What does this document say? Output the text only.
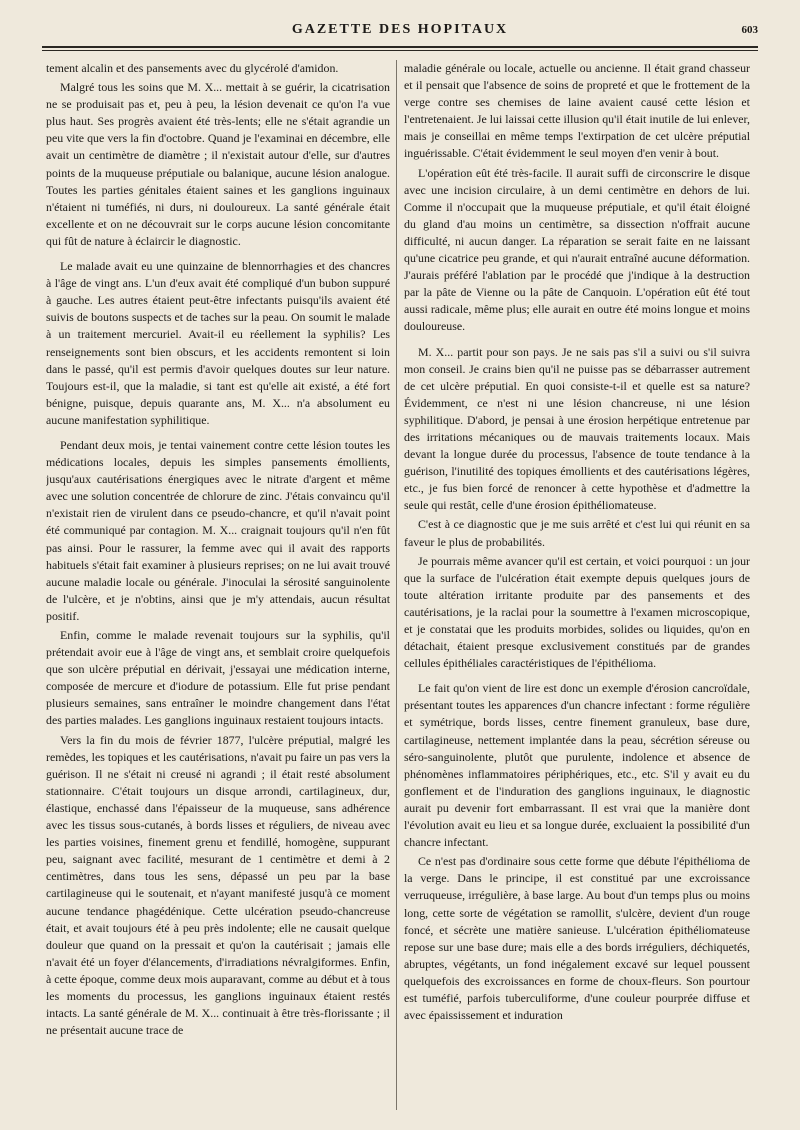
GAZETTE DES HOPITAUX	603

tement alcalin et des pansements avec du glycérolé d'amidon.

Malgré tous les soins que M. X... mettait à se guérir, la cicatrisation ne se produisait pas et, peu à peu, la lésion devenait ce qu'on l'a vue plus haut. Ses progrès avaient été très-lents; elle ne s'était agrandie un peu vite que vers la fin d'octobre. Quand je l'examinai en décembre, elle avait un centimètre de diamètre ; il n'existait autour d'elle, sur d'autres points de la muqueuse préputiale ou balanique, aucune lésion analogue. Toutes les parties génitales étaient saines et les ganglions inguinaux n'étaient ni tuméfiés, ni durs, ni douloureux. La santé générale était excellente et on ne découvrait sur le corps aucune lésion concomitante qui fût de nature à éclaircir le diagnostic.

Le malade avait eu une quinzaine de blennorrhagies et des chancres à l'âge de vingt ans. L'un d'eux avait été compliqué d'un bubon suppuré à gauche. Les autres étaient peut-être infectants puisqu'ils avaient été suivis de boutons suspects et de taches sur la peau. On soumit le malade à un traitement mercuriel. Avait-il eu réellement la syphilis? Les renseignements sont bien obscurs, et les accidents remontent si loin dans le passé, qu'il est permis d'avoir quelques doutes sur leur nature. Toujours est-il, que la maladie, si tant est qu'elle ait existé, a été fort bénigne, puisque, depuis quarante ans, M. X... n'a absolument eu aucune manifestation syphilitique.

Pendant deux mois, je tentai vainement contre cette lésion toutes les médications locales, depuis les simples pansements émollients, jusqu'aux cautérisations énergiques avec le nitrate d'argent et même avec une solution concentrée de chlorure de zinc. J'étais convaincu qu'il n'existait rien de virulent dans ce pseudo-chancre, et qu'il n'avait point été communiqué par contagion. M. X... craignait toujours qu'il n'en fût pas ainsi. Pour le rassurer, la femme avec qui il avait des rapports habituels s'était fait examiner à plusieurs reprises; on ne lui avait trouvé aucune maladie locale ou générale. J'inoculai la sérosité sanguinolente de l'ulcère, et je n'obtins, ainsi que je m'y attendais, aucun résultat positif.

Enfin, comme le malade revenait toujours sur la syphilis, qu'il prétendait avoir eue à l'âge de vingt ans, et semblait croire quelquefois que son ulcère préputial en dérivait, j'essayai une médication interne, composée de mercure et d'iodure de potassium. Elle fut prise pendant plusieurs semaines, sans entraîner le moindre changement dans l'état des parties malades. Les ganglions inguinaux restaient toujours intacts.

Vers la fin du mois de février 1877, l'ulcère préputial, malgré les remèdes, les topiques et les cautérisations, n'avait pu faire un pas vers la guérison. Il ne s'était ni creusé ni agrandi ; il était resté absolument stationnaire. C'était toujours un disque arrondi, cartilagineux, dur, élastique, enchassé dans l'épaisseur de la muqueuse, sans adhérence avec les tissus sous-cutanés, à bords lisses et réguliers, de niveau avec les parties voisines, finement grenu et fendillé, homogène, suppurant peu, saignant avec facilité, mesurant de 1 centimètre et demi à 2 centimètres, dans tous les sens, dépassé un peu par la base cartilagineuse qui le soutenait, et n'ayant manifesté jusqu'à ce moment aucune tendance phagédénique. Cette ulcération pseudo-chancreuse était, et avait toujours été à peu près indolente; elle ne causait quelque douleur que quand on la pressait et qu'on la cautérisait ; jamais elle n'avait été un foyer d'élancements, d'irradiations névralgiformes. Enfin, à cette époque, comme deux mois auparavant, comme au début et à tous les moments du processus, les ganglions inguinaux étaient restés intacts. La santé générale de M. X... continuait à être très-florissante ; il ne présentait aucune trace de

maladie générale ou locale, actuelle ou ancienne. Il était grand chasseur et il pensait que l'absence de soins de propreté et que le frottement de la verge contre ses chemises de laine avaient causé cette lésion et l'entretenaient. Je lui laissai cette illusion qu'il était inutile de lui enlever, mais je conseillai en même temps l'extirpation de cet ulcère préputial inguérissable. C'était évidemment le seul moyen d'en venir à bout.

L'opération eût été très-facile. Il aurait suffi de circonscrire le disque avec une incision circulaire, à un demi centimètre en dehors de lui. Comme il n'occupait que la muqueuse préputiale, et qu'il était éloigné du gland d'au moins un centimètre, sa dissection n'offrait aucune difficulté, ni aucun danger. La réparation se serait faite en ne laissant qu'une cicatrice peu grande, et qui n'aurait entraîné aucune déformation. J'aurais préféré l'ablation par le procédé que j'indique à la destruction par la pâte de Vienne ou la pâte de Canquoin. L'opération eût été tout aussi radicale, même plus; elle aurait en outre été moins longue et moins douloureuse.

M. X... partit pour son pays. Je ne sais pas s'il a suivi ou s'il suivra mon conseil. Je crains bien qu'il ne puisse pas se débarrasser autrement de cet ulcère préputial. En quoi consiste-t-il et quelle est sa nature? Évidemment, ce n'est ni une lésion chancreuse, ni une lésion syphilitique. D'abord, je pensai à une érosion herpétique entretenue par des irritations mécaniques ou de mauvais traitements locaux. Mais devant la longue durée du processus, l'absence de toute tendance à la guérison, l'inutilité des topiques émollients et des cautérisations légères, etc., je fus bien forcé de renoncer à cette hypothèse et d'admettre la seule qui restât, celle d'une érosion épithéliomateuse.

C'est à ce diagnostic que je me suis arrêté et c'est lui qui réunit en sa faveur le plus de probabilités.

Je pourrais même avancer qu'il est certain, et voici pourquoi : un jour que la surface de l'ulcération était exempte depuis quelques jours de toute altération irritante produite par des pansements et des cautérisations, je la raclai pour la soumettre à l'examen microscopique, et je constatai que les produits morbides, solides ou liquides, qu'on en détachait, étaient presque exclusivement constitués par de grandes cellules épithéliales caractéristiques de l'épithélioma.

Le fait qu'on vient de lire est donc un exemple d'érosion cancroïdale, présentant toutes les apparences d'un chancre infectant : forme régulière et symétrique, bords lisses, centre finement granuleux, base dure, cartilagineuse, nettement implantée dans la peau, sécrétion séreuse ou séro-sanguinolente, plutôt que purulente, indolence et absence de phénomènes inflammatoires périphériques, etc., etc. S'il y avait eu du gonflement et de l'induration des ganglions inguinaux, le diagnostic aurait pu devenir fort embarrassant. Il est vrai que la manière dont l'évolution avait eu lieu et sa longue durée, excluaient la possibilité d'un chancre infectant.

Ce n'est pas d'ordinaire sous cette forme que débute l'épithélioma de la verge. Dans le principe, il est constitué par une excroissance verruqueuse, irrégulière, à base large. Au bout d'un temps plus ou moins long, cette sorte de végétation se ramollit, s'ulcère, devient d'un rouge foncé, et sécrète une matière sanieuse. L'ulcération épithéliomateuse repose sur une base dure; mais elle a des bords irréguliers, déchiquetés, abruptes, végétants, un fond inégalement excavé sur lequel poussent quelquefois des excroissances en forme de choux-fleurs. Son pourtour est tuméfié, parfois tuberculiforme, d'une couleur pourprée diffuse et avec épaississement et induration
